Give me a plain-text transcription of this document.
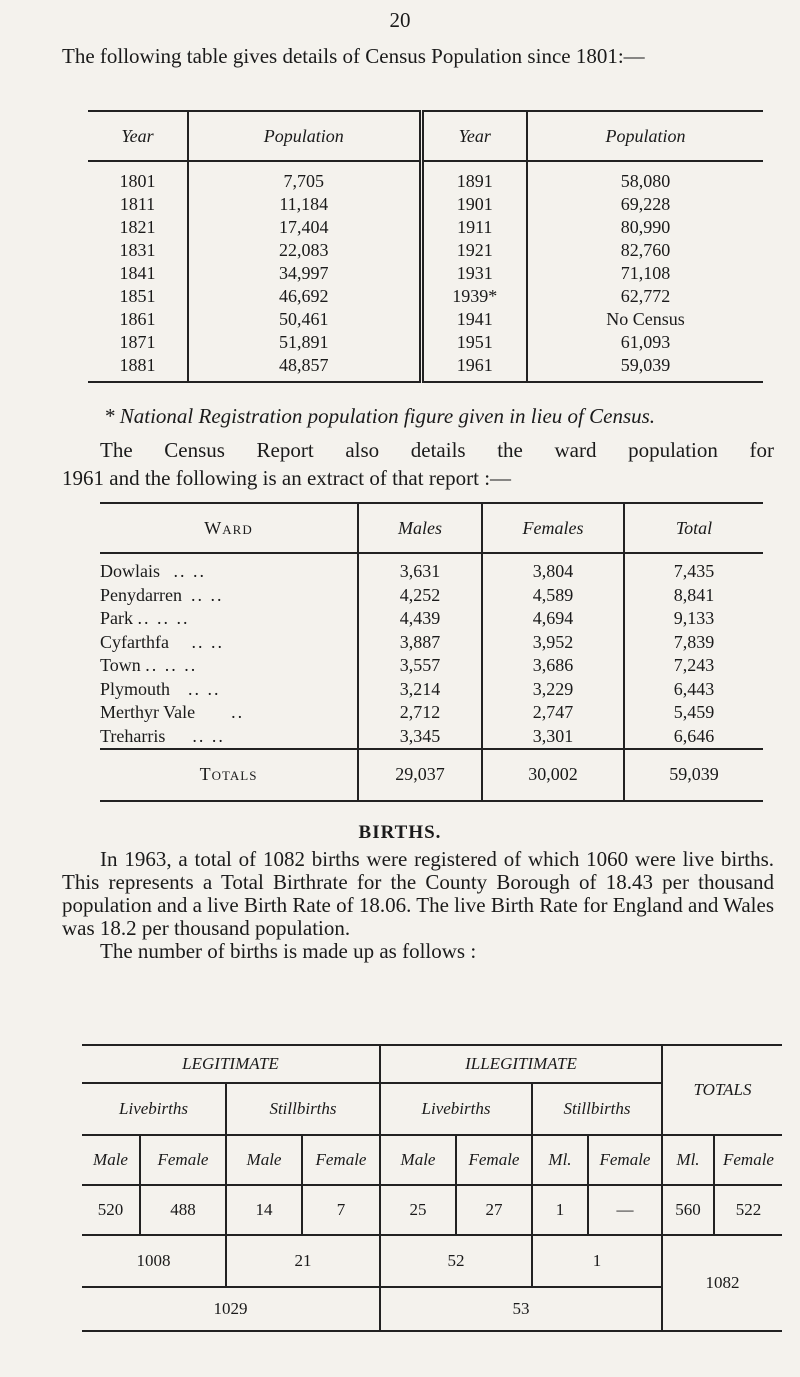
20
The following table gives details of Census Population since 1801:—
Year	Population	Year	Population
1801	7,705	1891	58,080
1811	11,184	1901	69,228
1821	17,404	1911	80,990
1831	22,083	1921	82,760
1841	34,997	1931	71,108
1851	46,692	1939*	62,772
1861	50,461	1941	No Census
1871	51,891	1951	61,093
1881	48,857	1961	59,039
* National Registration population figure given in lieu of Census.
The Census Report also details the ward population for
1961 and the following is an extract of that report :—
Ward	Males	Females	Total
Dowlais .. ..	3,631	3,804	7,435
Penydarren .. ..	4,252	4,589	8,841
Park .. .. ..	4,439	4,694	9,133
Cyfarthfa .. ..	3,887	3,952	7,839
Town .. .. ..	3,557	3,686	7,243
Plymouth .. ..	3,214	3,229	6,443
Merthyr Vale ..	2,712	2,747	5,459
Treharris .. ..	3,345	3,301	6,646
Totals	29,037	30,002	59,039
BIRTHS.

In 1963, a total of 1082 births were registered of which 1060 were live births. This represents a Total Birthrate for the County Borough of 18.43 per thousand population and a live Birth Rate of 18.06. The live Birth Rate for England and Wales was 18.2 per thousand population.

The number of births is made up as follows :

LEGITIMATE				ILLEGITIMATE				TOTALS	
Livebirths		Stillbirths		Livebirths		Stillbirths			
Male	Female	Male	Female	Male	Female	Ml.	Female	Ml.	Female
520	488	14	7	25	27	1	—	560	522
1008		21		52		1		1082	
1029				53					
